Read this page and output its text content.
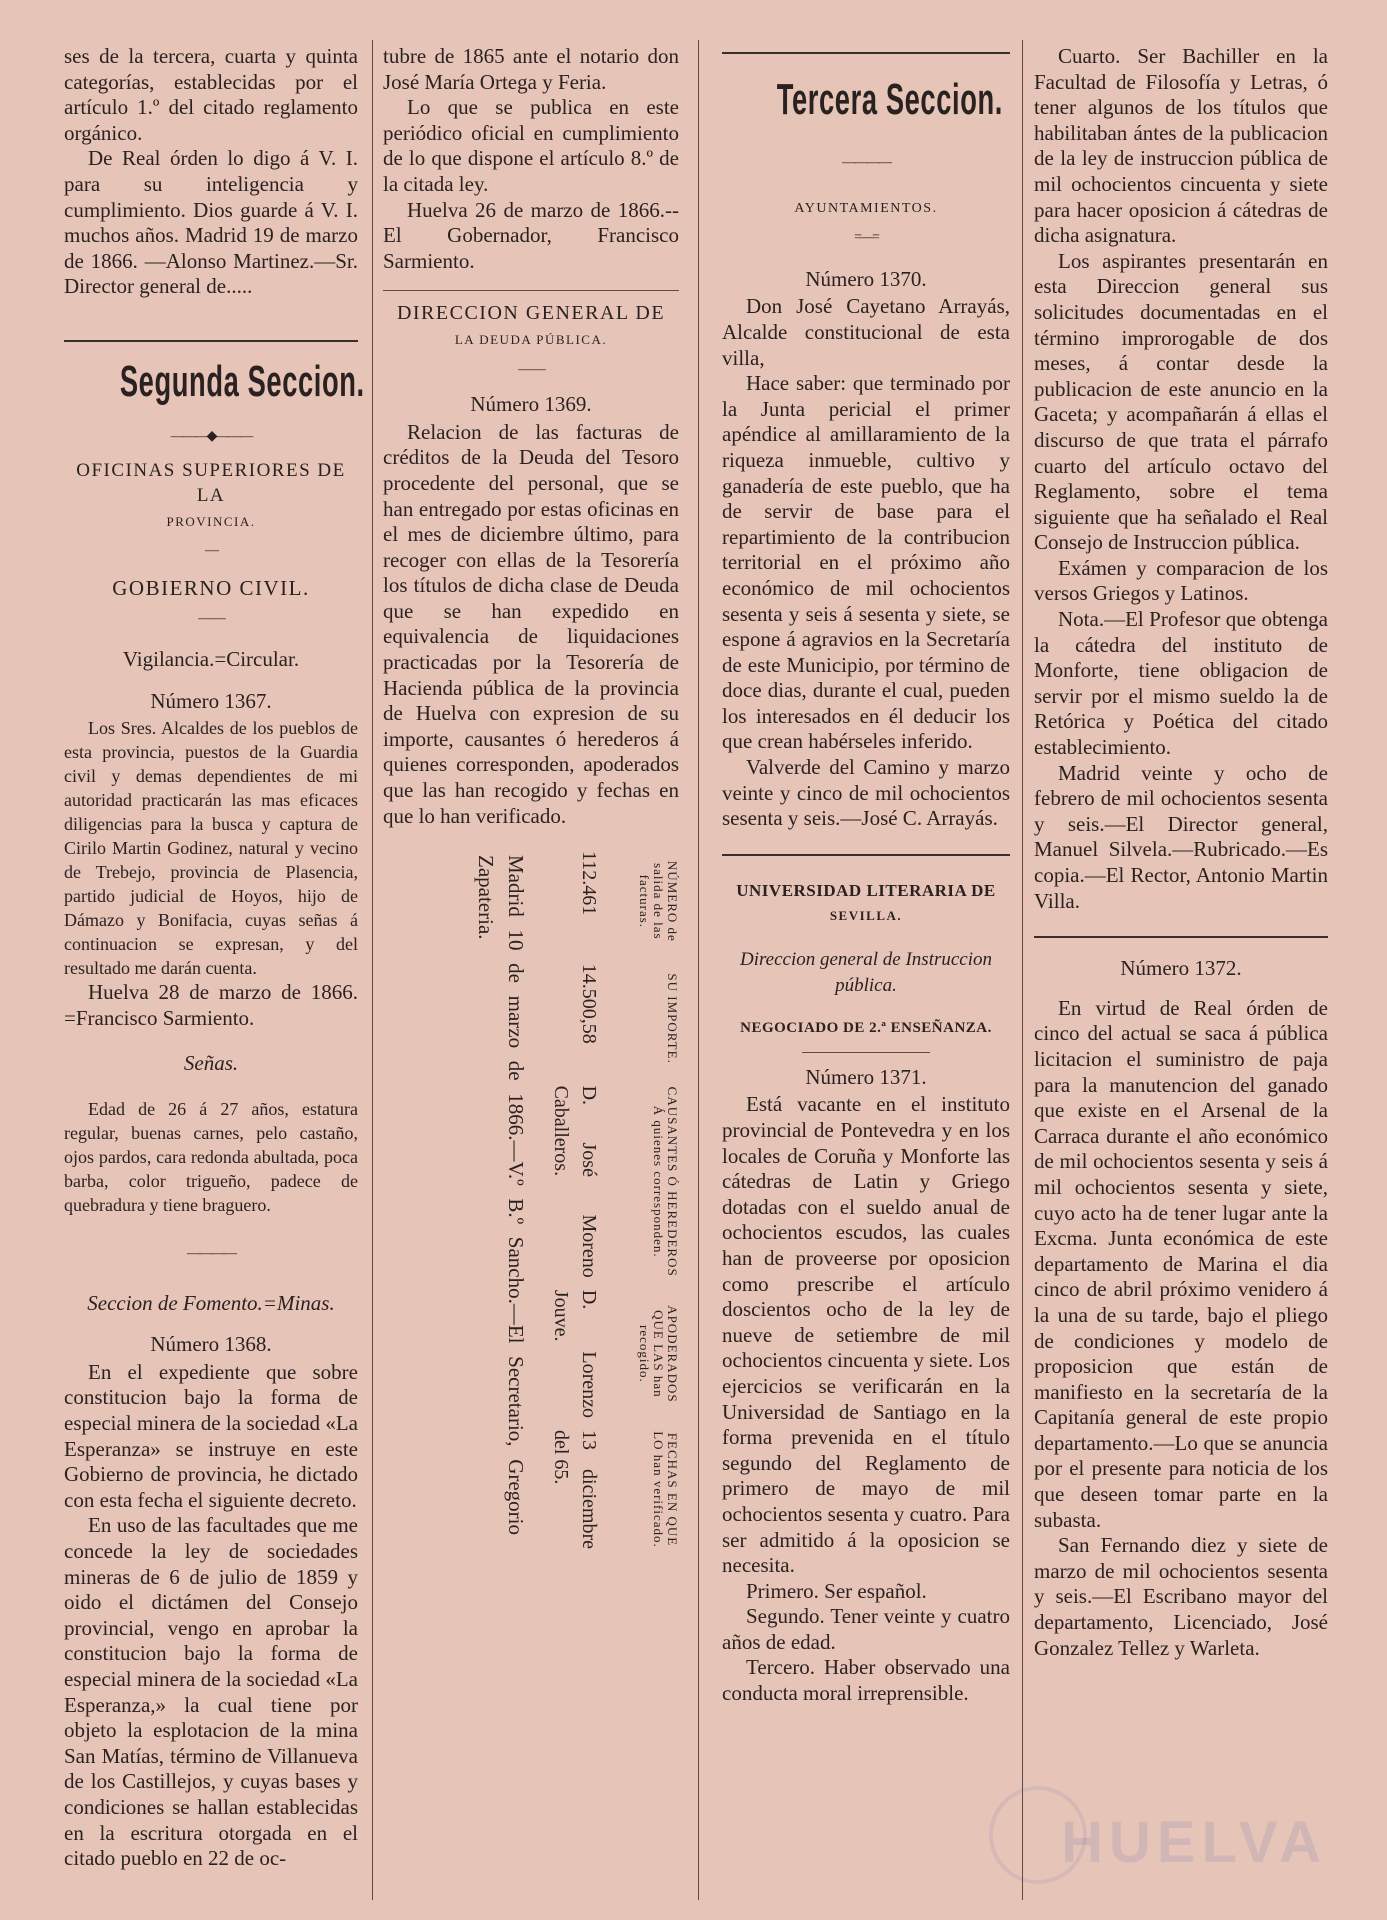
ses de la tercera, cuarta y quinta categorías, establecidas por el artículo 1.º del citado reglamento orgánico.

De Real órden lo digo á V. I. para su inteligencia y cumplimiento. Dios guarde á V. I. muchos años. Madrid 19 de marzo de 1866. —Alonso Martinez.—Sr. Director general de.....

Segunda Seccion.
———◆———
OFICINAS SUPERIORES DE LA
PROVINCIA.
—
GOBIERNO CIVIL.
— —

Vigilancia.=Circular.

Número 1367.

Los Sres. Alcaldes de los pueblos de esta provincia, puestos de la Guardia civil y demas dependientes de mi autoridad practicarán las mas eficaces diligencias para la busca y captura de Cirilo Martin Godinez, natural y vecino de Trebejo, provincia de Plasencia, partido judicial de Hoyos, hijo de Dámazo y Bonifacia, cuyas señas á continuacion se expresan, y del resultado me darán cuenta.

Huelva 28 de marzo de 1866. =Francisco Sarmiento.

Señas.

Edad de 26 á 27 años, estatura regular, buenas carnes, pelo castaño, ojos pardos, cara redonda abultada, poca barba, color trigueño, padece de quebradura y tiene braguero.

————

Seccion de Fomento.=Minas.

Número 1368.

En el expediente que sobre constitucion bajo la forma de especial minera de la sociedad «La Esperanza» se instruye en este Gobierno de provincia, he dictado con esta fecha el siguiente decreto.

En uso de las facultades que me concede la ley de sociedades mineras de 6 de julio de 1859 y oido el dictámen del Consejo provincial, vengo en aprobar la constitucion bajo la forma de especial minera de la sociedad «La Esperanza,» la cual tiene por objeto la esplotacion de la mina San Matías, término de Villanueva de los Castillejos, y cuyas bases y condiciones se hallan establecidas en la escritura otorgada en el citado pueblo en 22 de oc-

tubre de 1865 ante el notario don José María Ortega y Feria.

Lo que se publica en este periódico oficial en cumplimiento de lo que dispone el artículo 8.º de la citada ley.

Huelva 26 de marzo de 1866.--El Gobernador, Francisco Sarmiento.

DIRECCION GENERAL DE
LA DEUDA PÚBLICA.
— —

Número 1369.

Relacion de las facturas de créditos de la Deuda del Tesoro procedente del personal, que se han entregado por estas oficinas en el mes de diciembre último, para recoger con ellas de la Tesorería los títulos de dicha clase de Deuda que se han expedido en equivalencia de liquidaciones practicadas por la Tesorería de Hacienda pública de la provincia de Huelva con expresion de su importe, causantes ó herederos á quienes corresponden, apoderados que las han recogido y fechas en que lo han verificado.

NÚMERO de salida de las facturas.
SU IMPORTE.
CAUSANTES Ó HEREDEROS Á quienes corresponden.
APODERADOS QUE LAS han recogido.
FECHAS EN QUE LO han verificado.
112.461
14.500,58
D. José Moreno Caballeros.
D. Lorenzo Jouve.
13 diciembre del 65.
Madrid 10 de marzo de 1866.—V.º B.º Sancho.—El Secretario, Gregorio Zapateria.
Tercera Seccion.
————
AYUNTAMIENTOS.
=—=

Número 1370.

Don José Cayetano Arrayás, Alcalde constitucional de esta villa,

Hace saber: que terminado por la Junta pericial el primer apéndice al amillaramiento de la riqueza inmueble, cultivo y ganadería de este pueblo, que ha de servir de base para el repartimiento de la contribucion territorial en el próximo año económico de mil ochocientos sesenta y seis á sesenta y siete, se espone á agravios en la Secretaría de este Municipio, por término de doce dias, durante el cual, pueden los interesados en él deducir los que crean habérseles inferido.

Valverde del Camino y marzo veinte y cinco de mil ochocientos sesenta y seis.—José C. Arrayás.

UNIVERSIDAD LITERARIA DE
SEVILLA.

Direccion general de Instruccion pública.

NEGOCIADO DE 2.ª ENSEÑANZA.

Número 1371.

Está vacante en el instituto provincial de Pontevedra y en los locales de Coruña y Monforte las cátedras de Latin y Griego dotadas con el sueldo anual de ochocientos escudos, las cuales han de proveerse por oposicion como prescribe el artículo doscientos ocho de la ley de nueve de setiembre de mil ochocientos cincuenta y siete. Los ejercicios se verificarán en la Universidad de Santiago en la forma prevenida en el título segundo del Reglamento de primero de mayo de mil ochocientos sesenta y cuatro. Para ser admitido á la oposicion se necesita.

Primero. Ser español.

Segundo. Tener veinte y cuatro años de edad.

Tercero. Haber observado una conducta moral irreprensible.

Cuarto. Ser Bachiller en la Facultad de Filosofía y Letras, ó tener algunos de los títulos que habilitaban ántes de la publicacion de la ley de instruccion pública de mil ochocientos cincuenta y siete para hacer oposicion á cátedras de dicha asignatura.

Los aspirantes presentarán en esta Direccion general sus solicitudes documentadas en el término improrogable de dos meses, á contar desde la publicacion de este anuncio en la Gaceta; y acompañarán á ellas el discurso de que trata el párrafo cuarto del artículo octavo del Reglamento, sobre el tema siguiente que ha señalado el Real Consejo de Instruccion pública.

Exámen y comparacion de los versos Griegos y Latinos.

Nota.—El Profesor que obtenga la cátedra del instituto de Monforte, tiene obligacion de servir por el mismo sueldo la de Retórica y Poética del citado establecimiento.

Madrid veinte y ocho de febrero de mil ochocientos sesenta y seis.—El Director general, Manuel Silvela.—Rubricado.—Es copia.—El Rector, Antonio Martin Villa.

Número 1372.

En virtud de Real órden de cinco del actual se saca á pública licitacion el suministro de paja para la manutencion del ganado que existe en el Arsenal de la Carraca durante el año económico de mil ochocientos sesenta y seis á mil ochocientos sesenta y siete, cuyo acto ha de tener lugar ante la Excma. Junta económica de este departamento de Marina el dia cinco de abril próximo venidero á la una de su tarde, bajo el pliego de condiciones y modelo de proposicion que están de manifiesto en la secretaría de la Capitanía general de este propio departamento.—Lo que se anuncia por el presente para noticia de los que deseen tomar parte en la subasta.

San Fernando diez y siete de marzo de mil ochocientos sesenta y seis.—El Escribano mayor del departamento, Licenciado, José Gonzalez Tellez y Warleta.

HUELVA
